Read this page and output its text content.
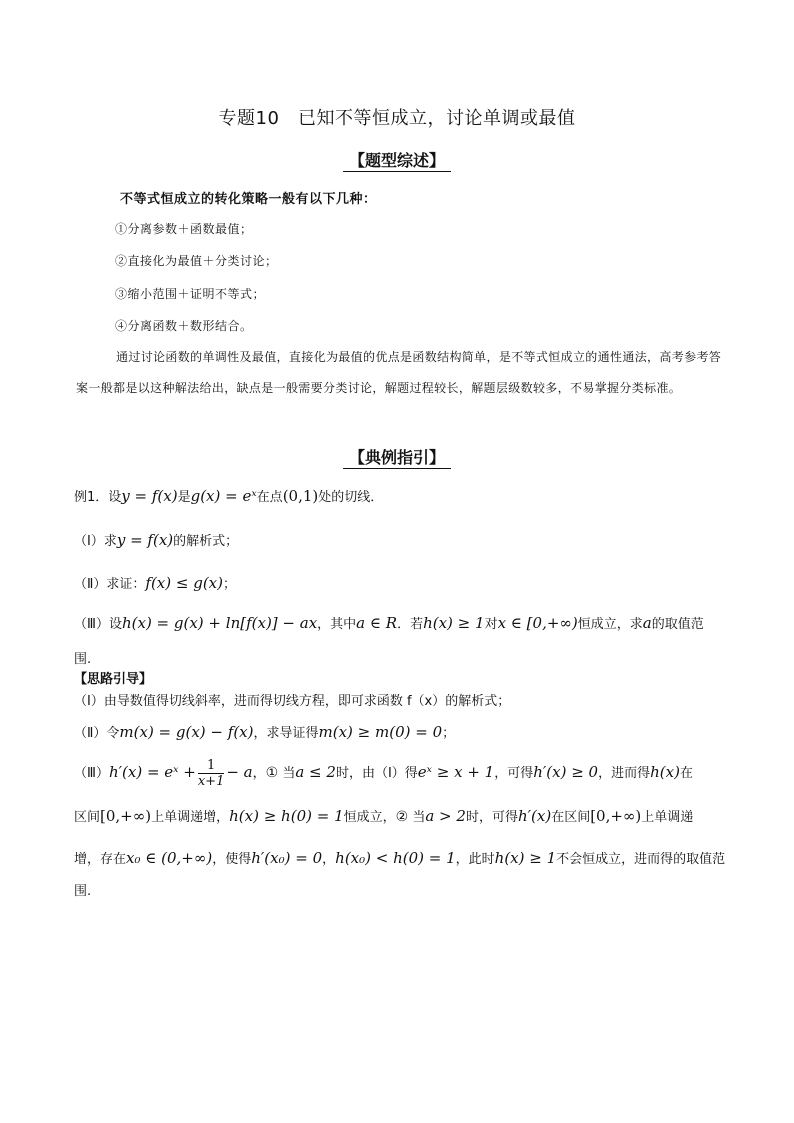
专题10　已知不等恒成立，讨论单调或最值
【题型综述】
不等式恒成立的转化策略一般有以下几种：
①分离参数＋函数最值；
②直接化为最值＋分类讨论；
③缩小范围＋证明不等式；
④分离函数＋数形结合。

通过讨论函数的单调性及最值，直接化为最值的优点是函数结构简单，是不等式恒成立的通性通法，高考参考答案一般都是以这种解法给出，缺点是一般需要分类讨论，解题过程较长，解题层级数较多，不易掌握分类标准。

【典例指引】
例1．设y = f(x)是g(x) = eˣ在点(0,1)处的切线．
（Ⅰ）求y = f(x)的解析式；
（Ⅱ）求证：f(x) ≤ g(x)；
（Ⅲ）设h(x) = g(x) + ln[f(x)] − ax，其中a ∈ R．若h(x) ≥ 1对x ∈ [0,+∞)恒成立，求a的取值范
围.
【思路引导】
（Ⅰ）由导数值得切线斜率，进而得切线方程，即可求函数 f（x）的解析式；
（Ⅱ）令m(x) = g(x) − f(x)，求导证得m(x) ≥ m(0) = 0；
（Ⅲ）h′(x) = eˣ + $\frac{1}{x+1} - a$，① 当a ≤ 2时，由（Ⅰ）得eˣ ≥ x + 1，可得h′(x) ≥ 0，进而得h(x)在
区间[0,+∞)上单调递增，h(x) ≥ h(0) = 1恒成立，② 当a > 2时，可得h′(x)在区间[0,+∞)上单调递
增，存在x₀ ∈ (0,+∞)，使得h′(x₀) = 0，h(x₀) < h(0) = 1，此时h(x) ≥ 1不会恒成立，进而得的取值范
围.
